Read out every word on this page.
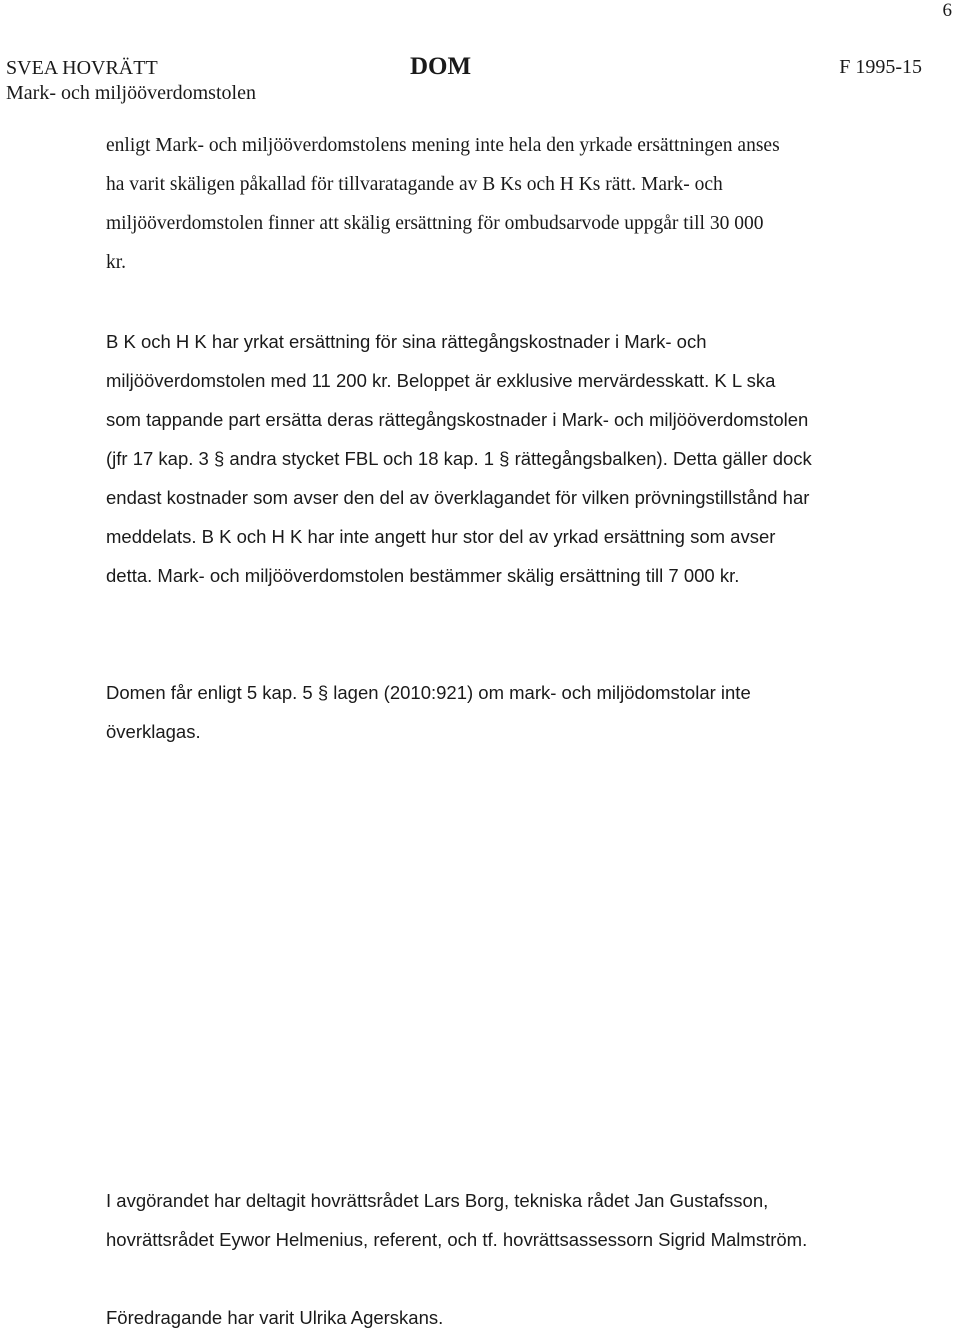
6
SVEA HOVRÄTT
Mark- och miljööverdomstolen
DOM	F 1995-15
enligt Mark- och miljööverdomstolens mening inte hela den yrkade ersättningen anses
ha varit skäligen påkallad för tillvaratagande av B Ks och H Ks rätt. Mark- och
miljööverdomstolen finner att skälig ersättning för ombudsarvode uppgår till 30 000
kr.
B K och H K har yrkat ersättning för sina rättegångskostnader i Mark- och
miljööverdomstolen med 11 200 kr. Beloppet är exklusive mervärdesskatt. K L ska
som tappande part ersätta deras rättegångskostnader i Mark- och miljööverdomstolen
(jfr 17 kap. 3 § andra stycket FBL och 18 kap. 1 § rättegångsbalken). Detta gäller dock
endast kostnader som avser den del av överklagandet för vilken prövningstillstånd har
meddelats. B K och H K har inte angett hur stor del av yrkad ersättning som avser
detta. Mark- och miljööverdomstolen bestämmer skälig ersättning till 7 000 kr.
Domen får enligt 5 kap. 5 § lagen (2010:921) om mark- och miljödomstolar inte
överklagas.
I avgörandet har deltagit hovrättsrådet Lars Borg, tekniska rådet Jan Gustafsson,
hovrättsrådet Eywor Helmenius, referent, och tf. hovrättsassessorn Sigrid Malmström.
Föredragande har varit Ulrika Agerskans.
